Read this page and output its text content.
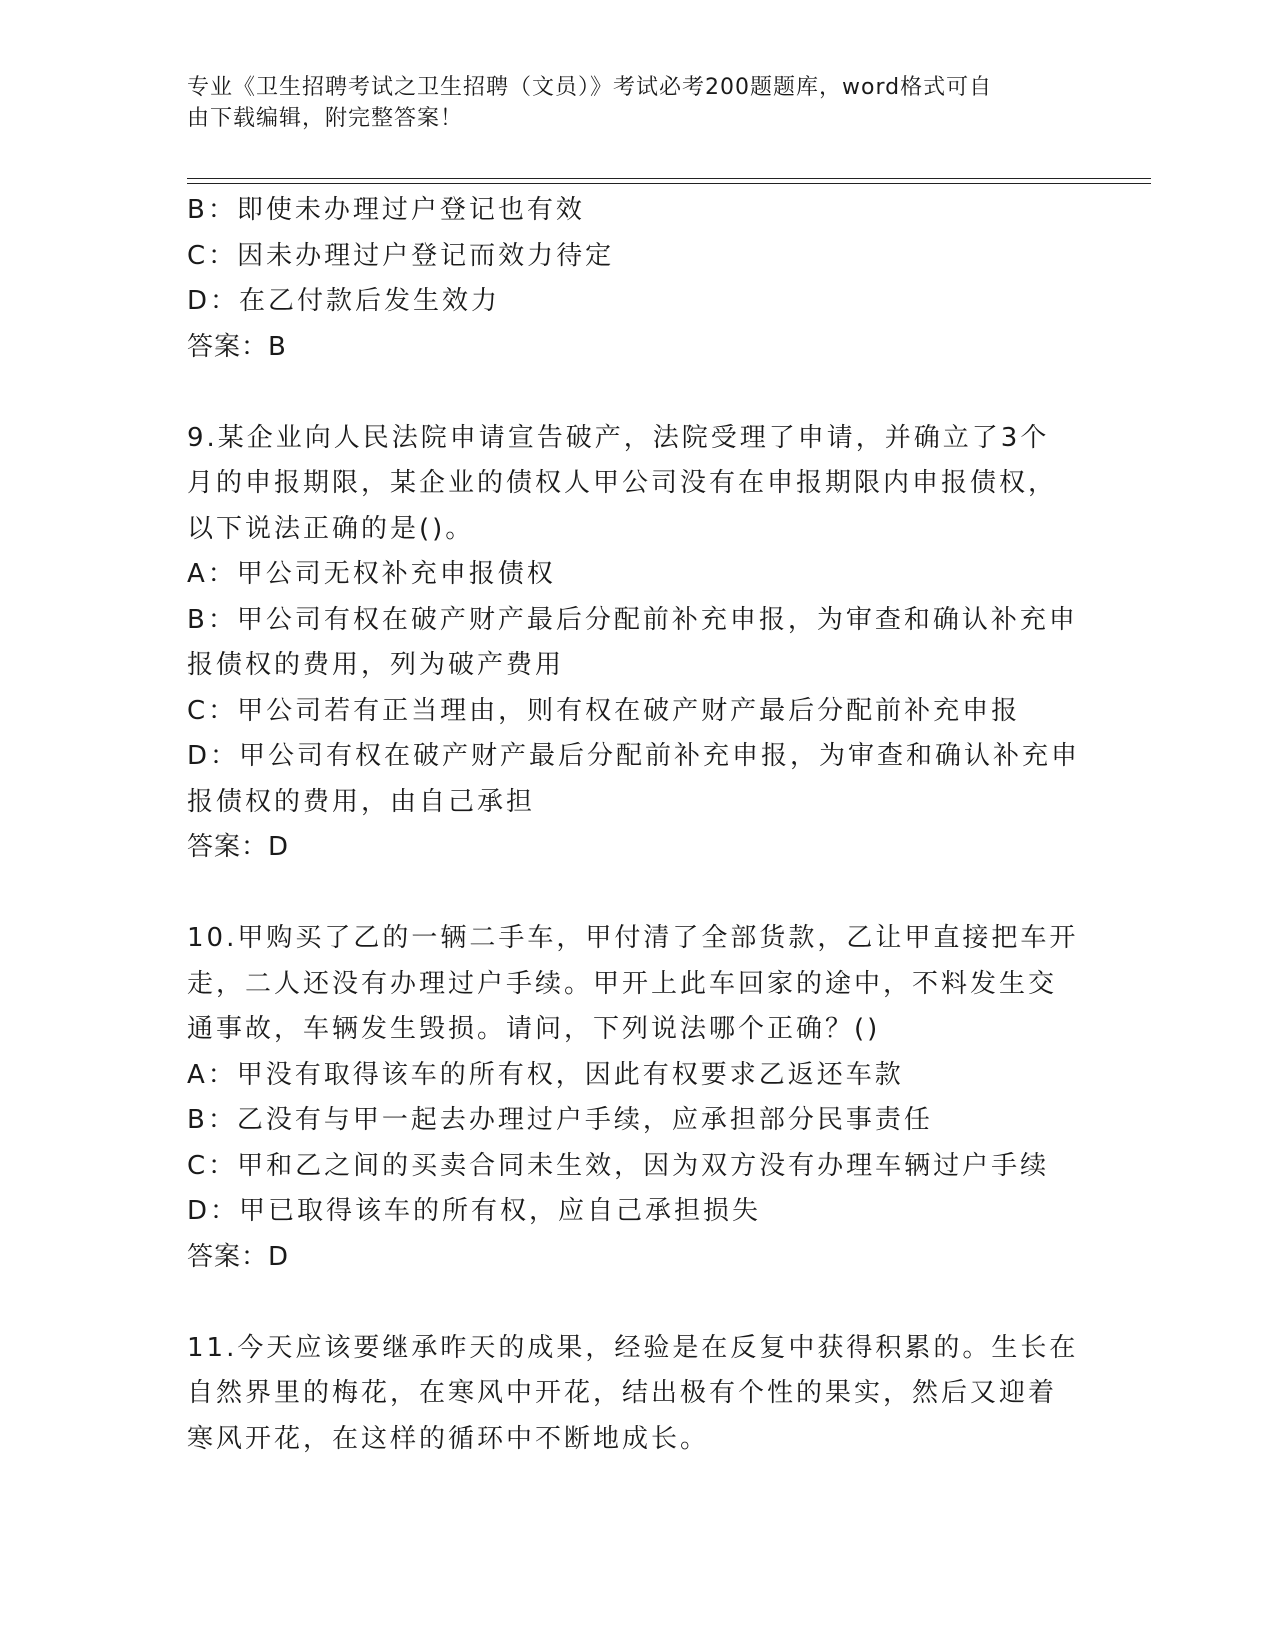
专业《卫生招聘考试之卫生招聘（文员）》考试必考200题题库，word格式可自
由下载编辑，附完整答案！
B：即使未办理过户登记也有效
C：因未办理过户登记而效力待定
D：在乙付款后发生效力
答案：B
9.某企业向人民法院申请宣告破产，法院受理了申请，并确立了3个
月的申报期限，某企业的债权人甲公司没有在申报期限内申报债权，
以下说法正确的是()。
A：甲公司无权补充申报债权
B：甲公司有权在破产财产最后分配前补充申报，为审查和确认补充申
报债权的费用，列为破产费用
C：甲公司若有正当理由，则有权在破产财产最后分配前补充申报
D：甲公司有权在破产财产最后分配前补充申报，为审查和确认补充申
报债权的费用，由自己承担
答案：D
10.甲购买了乙的一辆二手车，甲付清了全部货款，乙让甲直接把车开
走，二人还没有办理过户手续。甲开上此车回家的途中，不料发生交
通事故，车辆发生毁损。请问，下列说法哪个正确？()
A：甲没有取得该车的所有权，因此有权要求乙返还车款
B：乙没有与甲一起去办理过户手续，应承担部分民事责任
C：甲和乙之间的买卖合同未生效，因为双方没有办理车辆过户手续
D：甲已取得该车的所有权，应自己承担损失
答案：D
11.今天应该要继承昨天的成果，经验是在反复中获得积累的。生长在
自然界里的梅花，在寒风中开花，结出极有个性的果实，然后又迎着
寒风开花，在这样的循环中不断地成长。
